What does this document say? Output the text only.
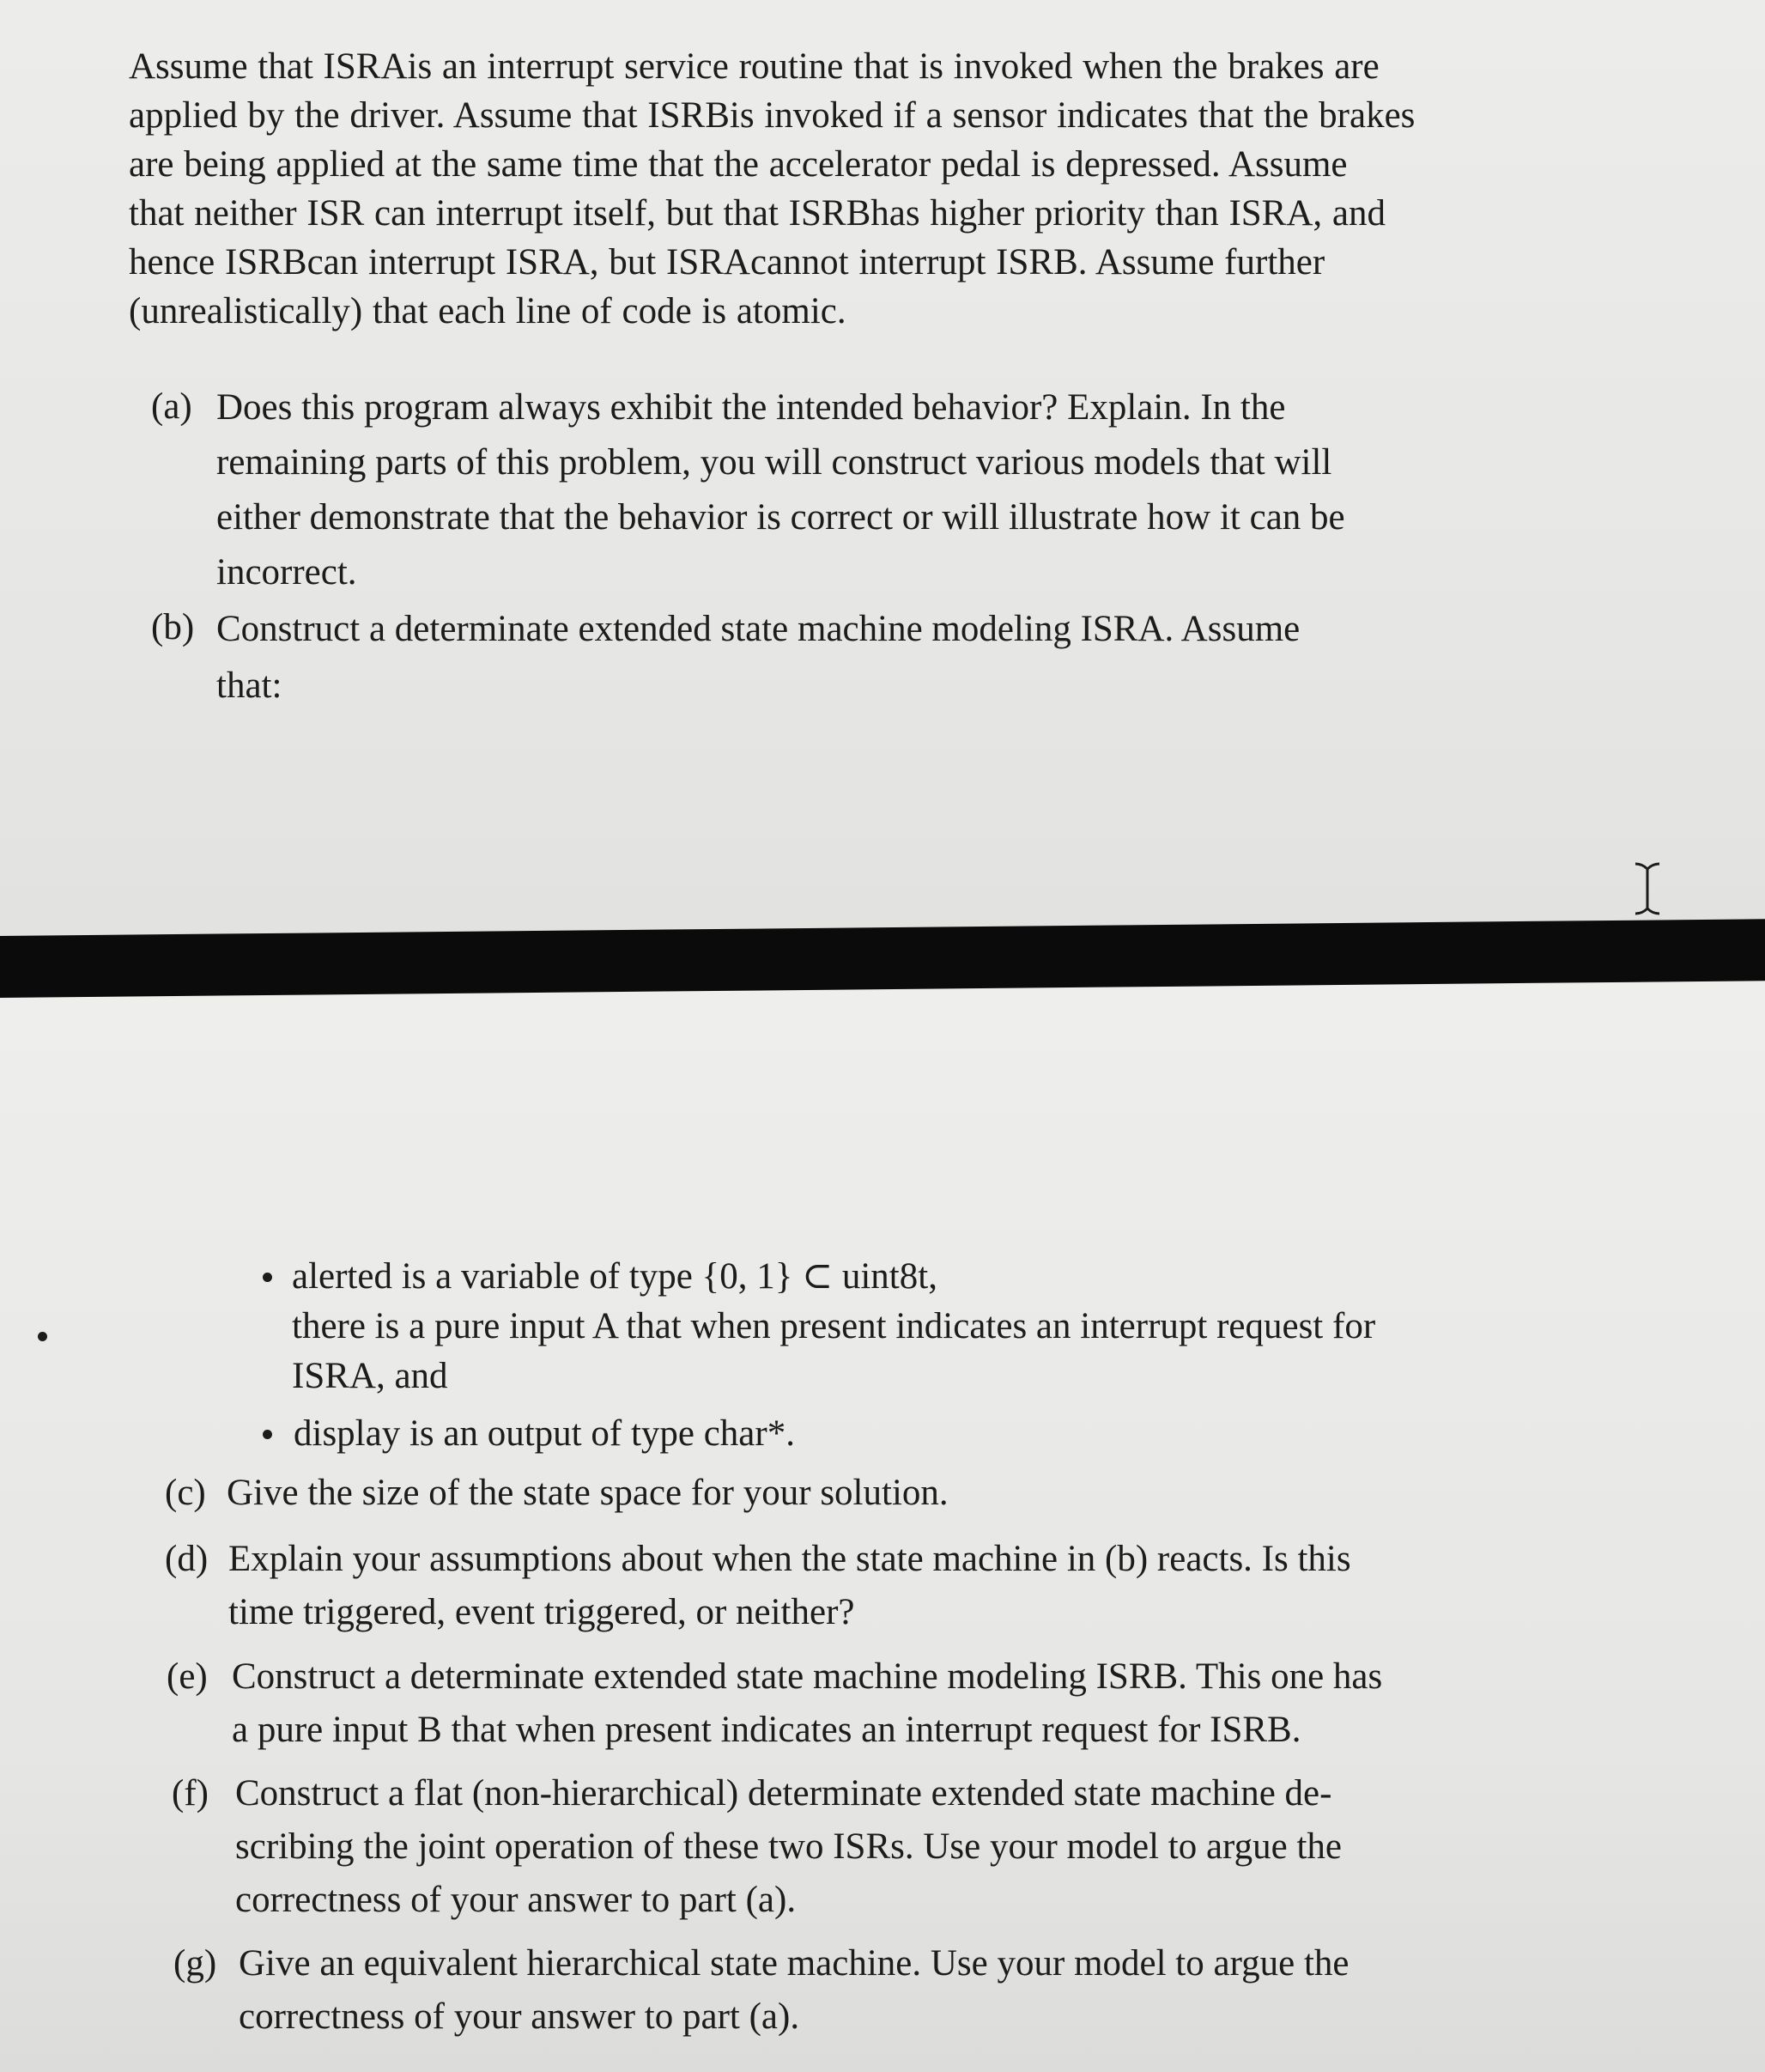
Assume that ISRAis an interrupt service routine that is invoked when the brakes are
applied by the driver. Assume that ISRBis invoked if a sensor indicates that the brakes
are being applied at the same time that the accelerator pedal is depressed. Assume
that neither ISR can interrupt itself, but that ISRBhas higher priority than ISRA, and
hence ISRBcan interrupt ISRA, but ISRAcannot interrupt ISRB. Assume further
(unrealistically) that each line of code is atomic.
(a) Does this program always exhibit the intended behavior? Explain. In the
remaining parts of this problem, you will construct various models that will
either demonstrate that the behavior is correct or will illustrate how it can be
incorrect.
(b) Construct a determinate extended state machine modeling ISRA. Assume
that:
alerted is a variable of type {0, 1} ⊂ uint8t,
there is a pure input A that when present indicates an interrupt request for
ISRA, and
display is an output of type char*.
(c) Give the size of the state space for your solution.
(d) Explain your assumptions about when the state machine in (b) reacts. Is this
time triggered, event triggered, or neither?
(e) Construct a determinate extended state machine modeling ISRB. This one has
a pure input B that when present indicates an interrupt request for ISRB.
(f) Construct a flat (non-hierarchical) determinate extended state machine de-
scribing the joint operation of these two ISRs. Use your model to argue the
correctness of your answer to part (a).
(g) Give an equivalent hierarchical state machine. Use your model to argue the
correctness of your answer to part (a).
